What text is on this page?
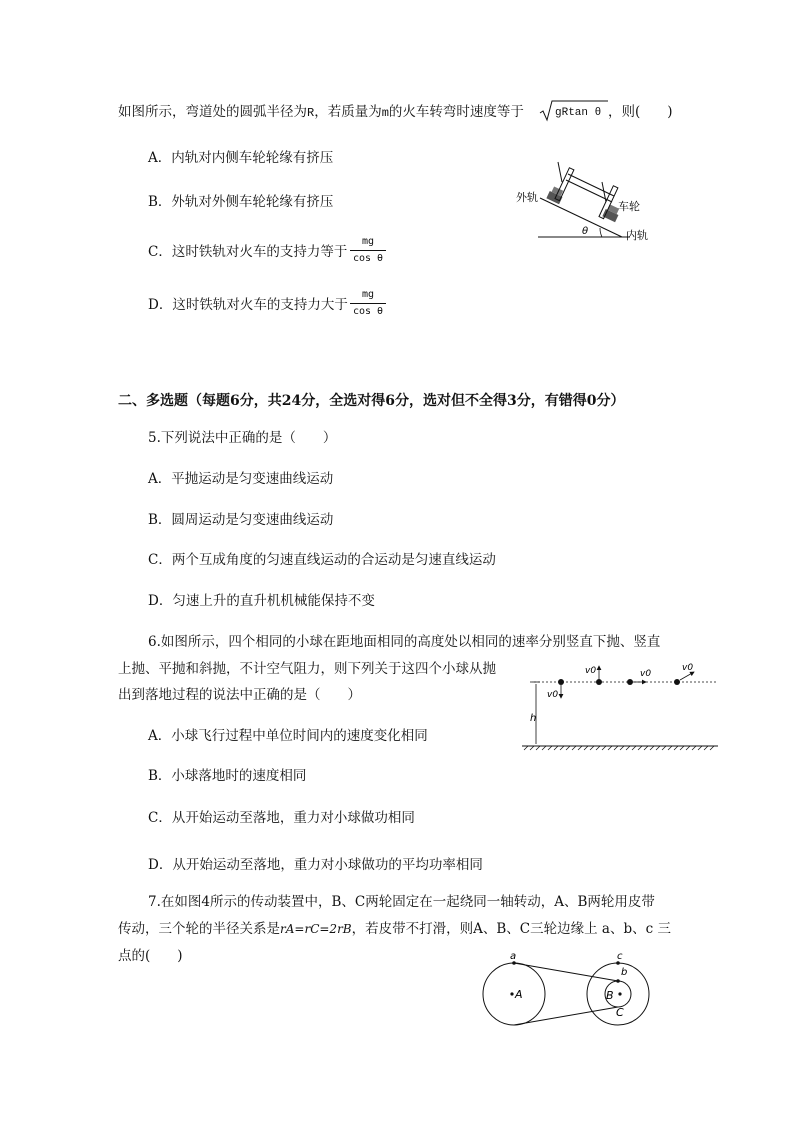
如图所示，弯道处的圆弧半径为R，若质量为m的火车转弯时速度等于	gRtan θ ，则(　　)
A．内轨对内侧车轮轮缘有挤压
B．外轨对外侧车轮轮缘有挤压
C．这时铁轨对火车的支持力等于
mg
cos θ
D．这时铁轨对火车的支持力大于
mg
cos θ
外轨
车轮
内轨
θ
二、多选题（每题6分，共24分，全选对得6分，选对但不全得3分，有错得0分）
5.下列说法中正确的是（　　）
A．平抛运动是匀变速曲线运动
B．圆周运动是匀变速曲线运动
C．两个互成角度的匀速直线运动的合运动是匀速直线运动
D．匀速上升的直升机机械能保持不变
6.如图所示，四个相同的小球在距地面相同的高度处以相同的速率分别竖直下抛、竖直
上抛、平抛和斜抛，不计空气阻力，则下列关于这四个小球从抛
出到落地过程的说法中正确的是（　　）
A．小球飞行过程中单位时间内的速度变化相同
B．小球落地时的速度相同
C．从开始运动至落地，重力对小球做功相同
D．从开始运动至落地，重力对小球做功的平均功率相同
h
v0
v0	v0
v0
7.在如图4所示的传动装置中，B、C两轮固定在一起绕同一轴转动，A、B两轮用皮带
传动，三个轮的半径关系是rA=rC=2rB，若皮带不打滑，则A、B、C三轮边缘上 a、b、c 三
点的(　　)	a	c
b
A	B
C
